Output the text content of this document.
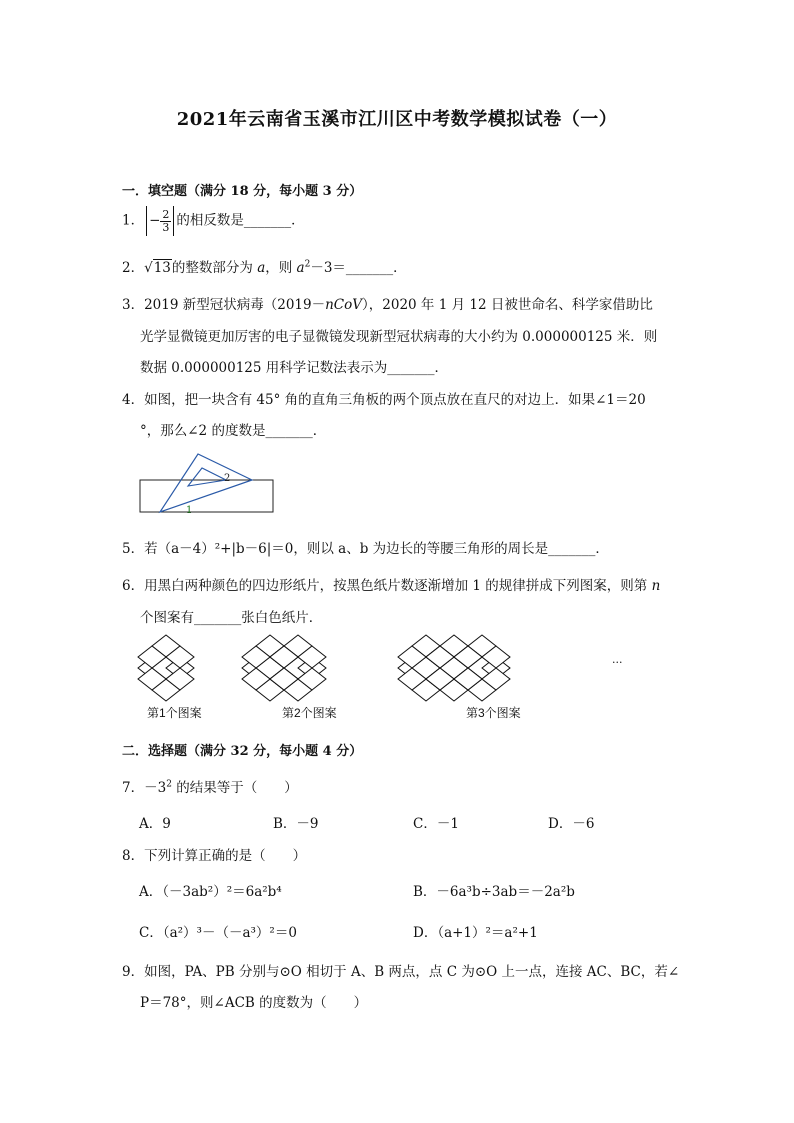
2021年云南省玉溪市江川区中考数学模拟试卷（一）
一．填空题（满分 18 分，每小题 3 分）
1． − $\frac{2}{3}$ 的相反数是_______．
2．√13的整数部分为 a，则 $a^2-3=\_\_\_\_\_\_\_$．
3．2019 新型冠状病毒（2019－nCoV），2020 年 1 月 12 日被世命名、科学家借助比
光学显微镜更加厉害的电子显微镜发现新型冠状病毒的大小约为 0.000000125 米．则
数据 0.000000125 用科学记数法表示为_______．
4．如图，把一块含有 45° 角的直角三角板的两个顶点放在直尺的对边上．如果∠1＝20
°，那么∠2 的度数是_______．
2
1
5．若（a－4）²+|b－6|＝0，则以 a、b 为边长的等腰三角形的周长是_______．
6．用黑白两种颜色的四边形纸片，按黑色纸片数逐渐增加 1 的规律拼成下列图案，则第 n
个图案有_______张白色纸片．
···
第1个图案	第2个图案	第3个图案
二．选择题（满分 32 分，每小题 4 分）
7．$-3^2$ 的结果等于（　　）
A．9	B．－9	C．－1	D．－6
8．下列计算正确的是（　　）
A．（－3ab²）²＝6a²b⁴	B．－6a³b÷3ab＝－2a²b
C．（a²）³－（－a³）²＝0	D．（a+1）²＝a²+1
9．如图，PA、PB 分别与⊙O 相切于 A、B 两点，点 C 为⊙O 上一点，连接 AC、BC，若∠
P＝78°，则∠ACB 的度数为（　　）
